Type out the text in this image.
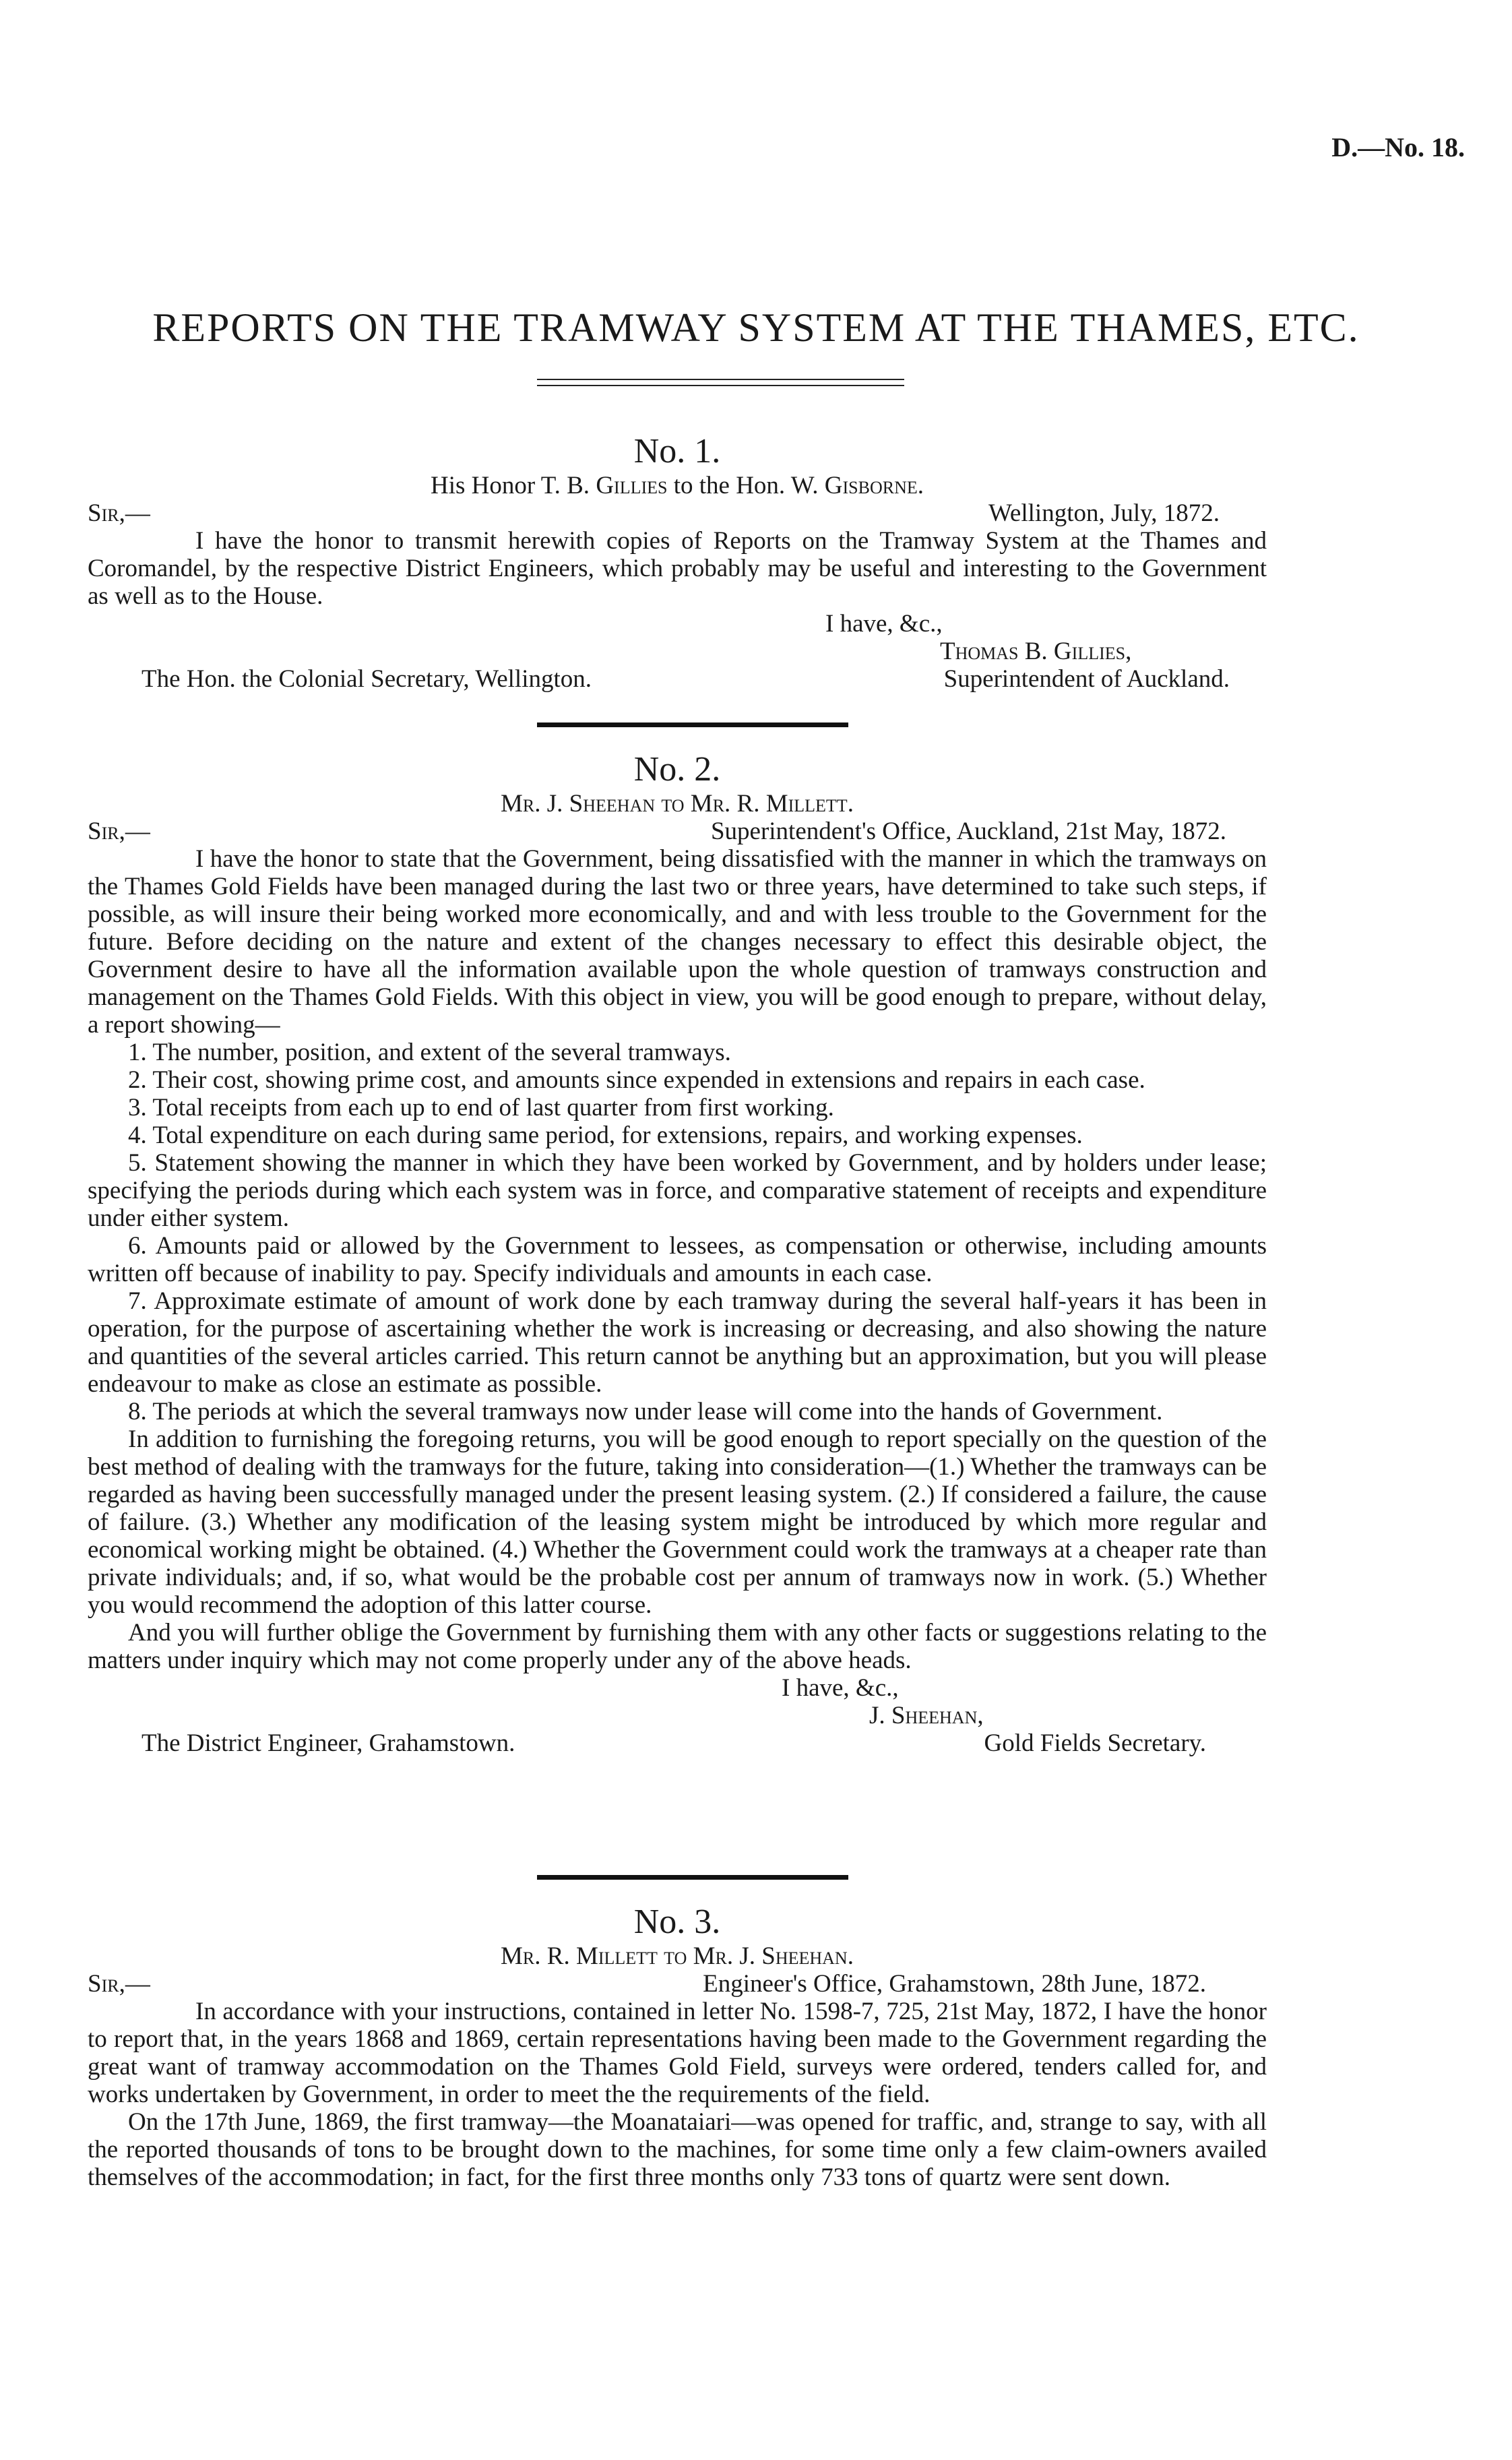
D.—No. 18.
REPORTS ON THE TRAMWAY SYSTEM AT THE THAMES, ETC.
No. 1.
His Honor T. B. Gillies to the Hon. W. Gisborne.
Sir,—	Wellington, July, 1872.

I have the honor to transmit herewith copies of Reports on the Tramway System at the Thames and Coromandel, by the respective District Engineers, which probably may be useful and interesting to the Government as well as to the House.

I have, &c.,
Thomas B. Gillies,
The Hon. the Colonial Secretary, Wellington.	Superintendent of Auckland.
No. 2.
Mr. J. Sheehan to Mr. R. Millett.
Sir,—	Superintendent's Office, Auckland, 21st May, 1872.

I have the honor to state that the Government, being dissatisfied with the manner in which the tramways on the Thames Gold Fields have been managed during the last two or three years, have determined to take such steps, if possible, as will insure their being worked more economically, and and with less trouble to the Government for the future. Before deciding on the nature and extent of the changes necessary to effect this desirable object, the Government desire to have all the information available upon the whole question of tramways construction and management on the Thames Gold Fields. With this object in view, you will be good enough to prepare, without delay, a report showing—

1. The number, position, and extent of the several tramways.

2. Their cost, showing prime cost, and amounts since expended in extensions and repairs in each case.

3. Total receipts from each up to end of last quarter from first working.

4. Total expenditure on each during same period, for extensions, repairs, and working expenses.

5. Statement showing the manner in which they have been worked by Government, and by holders under lease; specifying the periods during which each system was in force, and comparative statement of receipts and expenditure under either system.

6. Amounts paid or allowed by the Government to lessees, as compensation or otherwise, including amounts written off because of inability to pay. Specify individuals and amounts in each case.

7. Approximate estimate of amount of work done by each tramway during the several half-years it has been in operation, for the purpose of ascertaining whether the work is increasing or decreasing, and also showing the nature and quantities of the several articles carried. This return cannot be anything but an approximation, but you will please endeavour to make as close an estimate as possible.

8. The periods at which the several tramways now under lease will come into the hands of Government.

In addition to furnishing the foregoing returns, you will be good enough to report specially on the question of the best method of dealing with the tramways for the future, taking into consideration—(1.) Whether the tramways can be regarded as having been successfully managed under the present leasing system. (2.) If considered a failure, the cause of failure. (3.) Whether any modification of the leasing system might be introduced by which more regular and economical working might be obtained. (4.) Whether the Government could work the tramways at a cheaper rate than private individuals; and, if so, what would be the probable cost per annum of tramways now in work. (5.) Whether you would recommend the adoption of this latter course.

And you will further oblige the Government by furnishing them with any other facts or suggestions relating to the matters under inquiry which may not come properly under any of the above heads.

I have, &c.,
J. Sheehan,
The District Engineer, Grahamstown.	Gold Fields Secretary.
No. 3.
Mr. R. Millett to Mr. J. Sheehan.
Sir,—	Engineer's Office, Grahamstown, 28th June, 1872.

In accordance with your instructions, contained in letter No. 1598-7, 725, 21st May, 1872, I have the honor to report that, in the years 1868 and 1869, certain representations having been made to the Government regarding the great want of tramway accommodation on the Thames Gold Field, surveys were ordered, tenders called for, and works undertaken by Government, in order to meet the the requirements of the field.

On the 17th June, 1869, the first tramway—the Moanataiari—was opened for traffic, and, strange to say, with all the reported thousands of tons to be brought down to the machines, for some time only a few claim-owners availed themselves of the accommodation; in fact, for the first three months only 733 tons of quartz were sent down.
